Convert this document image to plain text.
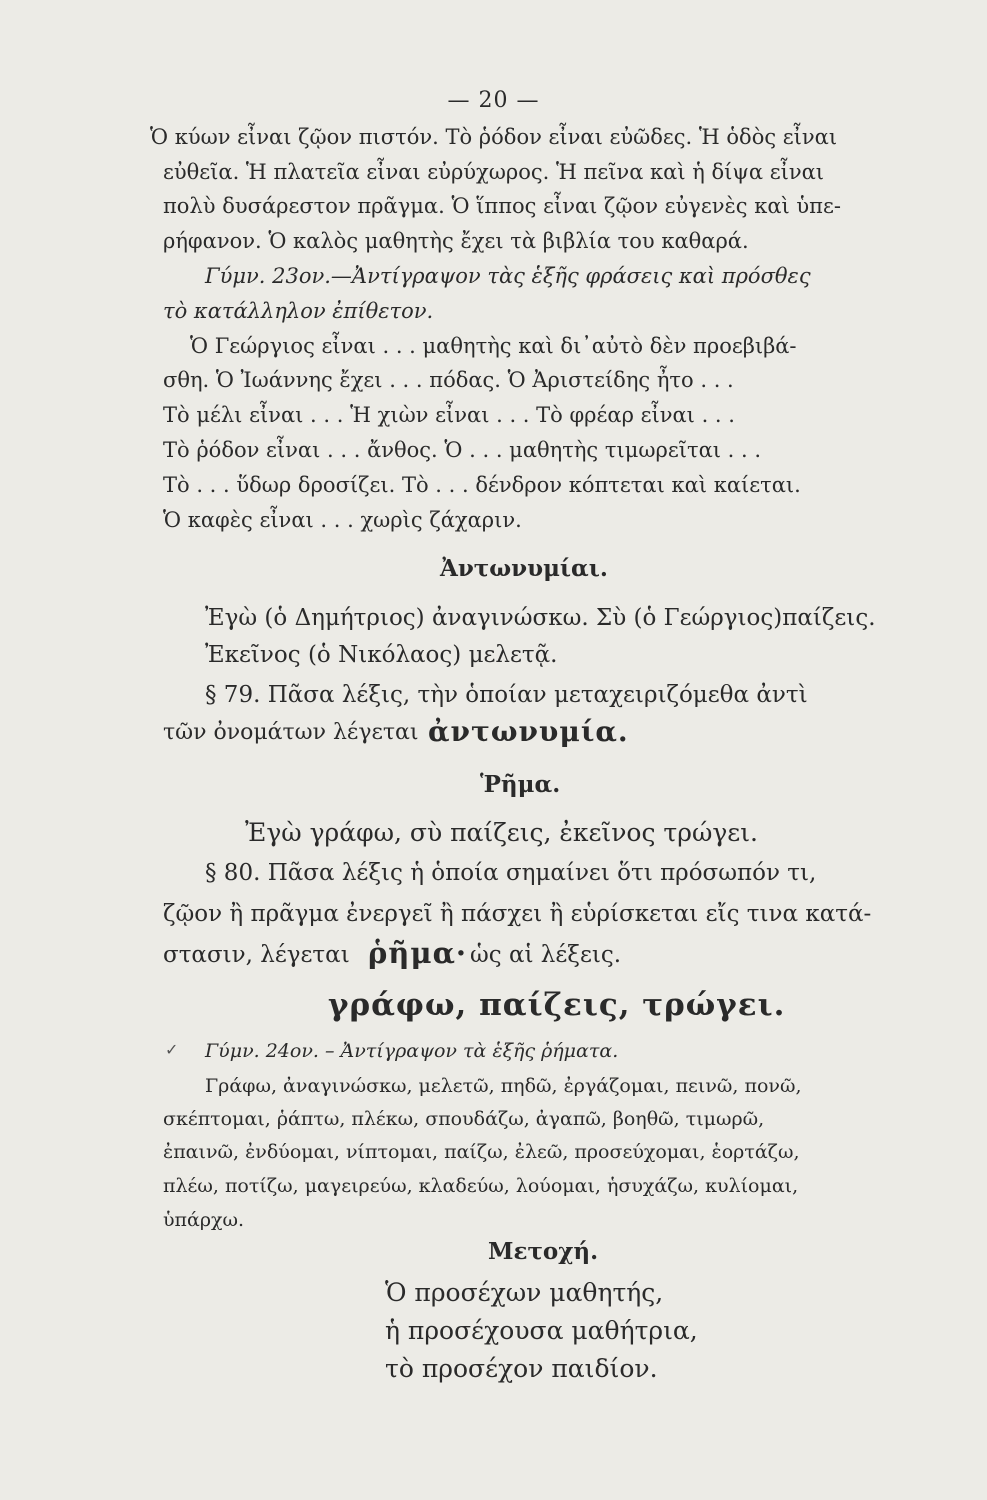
— 20 —
Ὁ κύων εἶναι ζῷον πιστόν. Τὸ ῥόδον εἶναι εὐῶδες. Ἡ ὁδὸς εἶναι
εὐθεῖα. Ἡ πλατεῖα εἶναι εὐρύχωρος. Ἡ πεῖνα καὶ ἡ δίψα εἶναι
πολὺ δυσάρεστον πρᾶγμα. Ὁ ἵππος εἶναι ζῷον εὐγενὲς καὶ ὑπε-
ρήφανον. Ὁ καλὸς μαθητὴς ἔχει τὰ βιβλία του καθαρά.
Γύμν. 23ον.—Ἀντίγραψον τὰς ἑξῆς φράσεις καὶ πρόσθες
τὸ κατάλληλον ἐπίθετον.
Ὁ Γεώργιος εἶναι . . . μαθητὴς καὶ δι᾽αὐτὸ δὲν προεβιβά-
σθη. Ὁ Ἰωάννης ἔχει . . . πόδας. Ὁ Ἀριστείδης ἦτο . . .
Τὸ μέλι εἶναι . . . Ἡ χιὼν εἶναι . . . Τὸ φρέαρ εἶναι . . .
Τὸ ῥόδον εἶναι . . . ἄνθος. Ὁ . . . μαθητὴς τιμωρεῖται . . .
Τὸ . . . ὕδωρ δροσίζει. Τὸ . . . δένδρον κόπτεται καὶ καίεται.
Ὁ καφὲς εἶναι . . . χωρὶς ζάχαριν.
Ἀντωνυμίαι.
Ἐγὼ (ὁ Δημήτριος) ἀναγινώσκω. Σὺ (ὁ Γεώργιος)παίζεις.
Ἐκεῖνος (ὁ Νικόλαος) μελετᾷ.
§ 79. Πᾶσα λέξις, τὴν ὁποίαν μεταχειριζόμεθα ἀντὶ
τῶν ὀνομάτων λέγεται ἀντωνυμία.
Ῥῆμα.
Ἐγὼ γράφω, σὺ παίζεις, ἐκεῖνος τρώγει.
§ 80. Πᾶσα λέξις ἡ ὁποία σημαίνει ὅτι πρόσωπόν τι,
ζῷον ἢ πρᾶγμα ἐνεργεῖ ἢ πάσχει ἢ εὑρίσκεται εἴς τινα κατά-
στασιν, λέγεται ῥῆμα· ὡς αἱ λέξεις.
γράφω, παίζεις, τρώγει.
✓ Γύμν. 24ον. – Ἀντίγραψον τὰ ἑξῆς ῥήματα.
Γράφω, ἀναγινώσκω, μελετῶ, πηδῶ, ἐργάζομαι, πεινῶ, πονῶ,
σκέπτομαι, ῥάπτω, πλέκω, σπουδάζω, ἀγαπῶ, βοηθῶ, τιμωρῶ,
ἐπαινῶ, ἐνδύομαι, νίπτομαι, παίζω, ἐλεῶ, προσεύχομαι, ἑορτάζω,
πλέω, ποτίζω, μαγειρεύω, κλαδεύω, λούομαι, ἡσυχάζω, κυλίομαι,
ὑπάρχω.
Μετοχή.
Ὁ προσέχων μαθητής,
ἡ προσέχουσα μαθήτρια,
τὸ προσέχον παιδίον.
